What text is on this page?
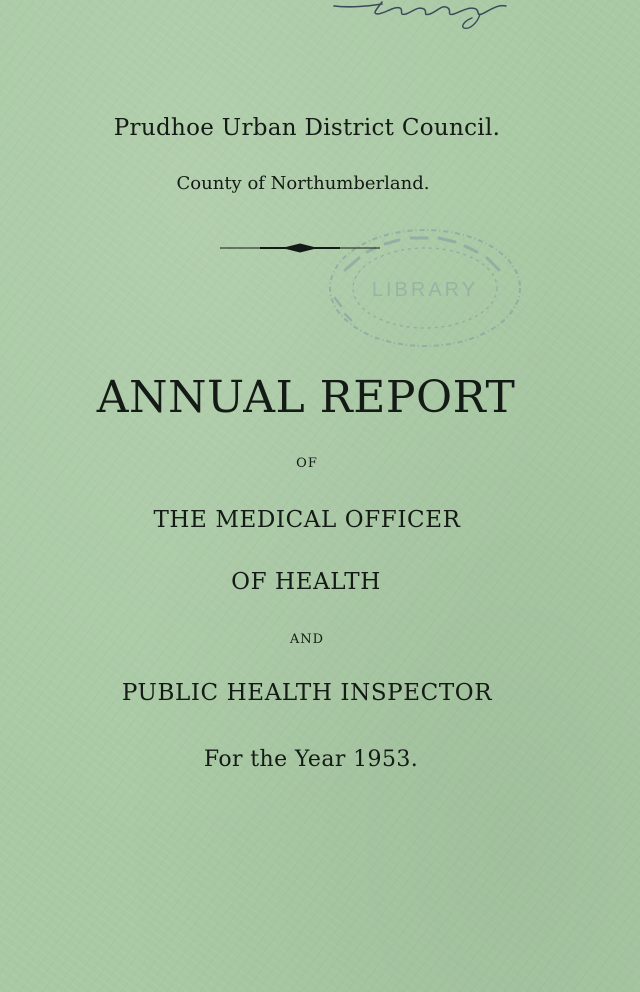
Prudhoe Urban District Council.

County of Northumberland.

LIBRARY
ANNUAL REPORT

OF

THE MEDICAL OFFICER

OF HEALTH

AND

PUBLIC HEALTH INSPECTOR

For the Year 1953.
